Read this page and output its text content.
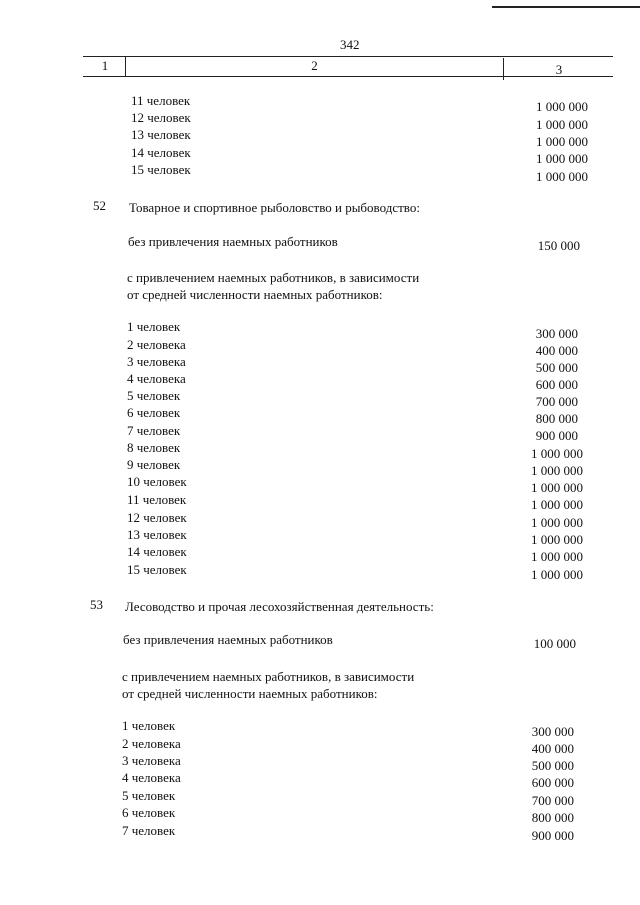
342
1	2	3
11 человек	1 000 000
12 человек	1 000 000
13 человек	1 000 000
14 человек	1 000 000
15 человек	1 000 000
52 Товарное и спортивное рыболовство и рыбоводство:
без привлечения наемных работников	150 000
с привлечением наемных работников, в зависимости
от средней численности наемных работников:
1 человек	300 000
2 человека	400 000
3 человека	500 000
4 человека	600 000
5 человек	700 000
6 человек	800 000
7 человек	900 000
8 человек	1 000 000
9 человек	1 000 000
10 человек	1 000 000
11 человек	1 000 000
12 человек	1 000 000
13 человек	1 000 000
14 человек	1 000 000
15 человек	1 000 000
53 Лесоводство и прочая лесохозяйственная деятельность:
без привлечения наемных работников	100 000
с привлечением наемных работников, в зависимости
от средней численности наемных работников:
1 человек	300 000
2 человека	400 000
3 человека	500 000
4 человека	600 000
5 человек	700 000
6 человек	800 000
7 человек	900 000
